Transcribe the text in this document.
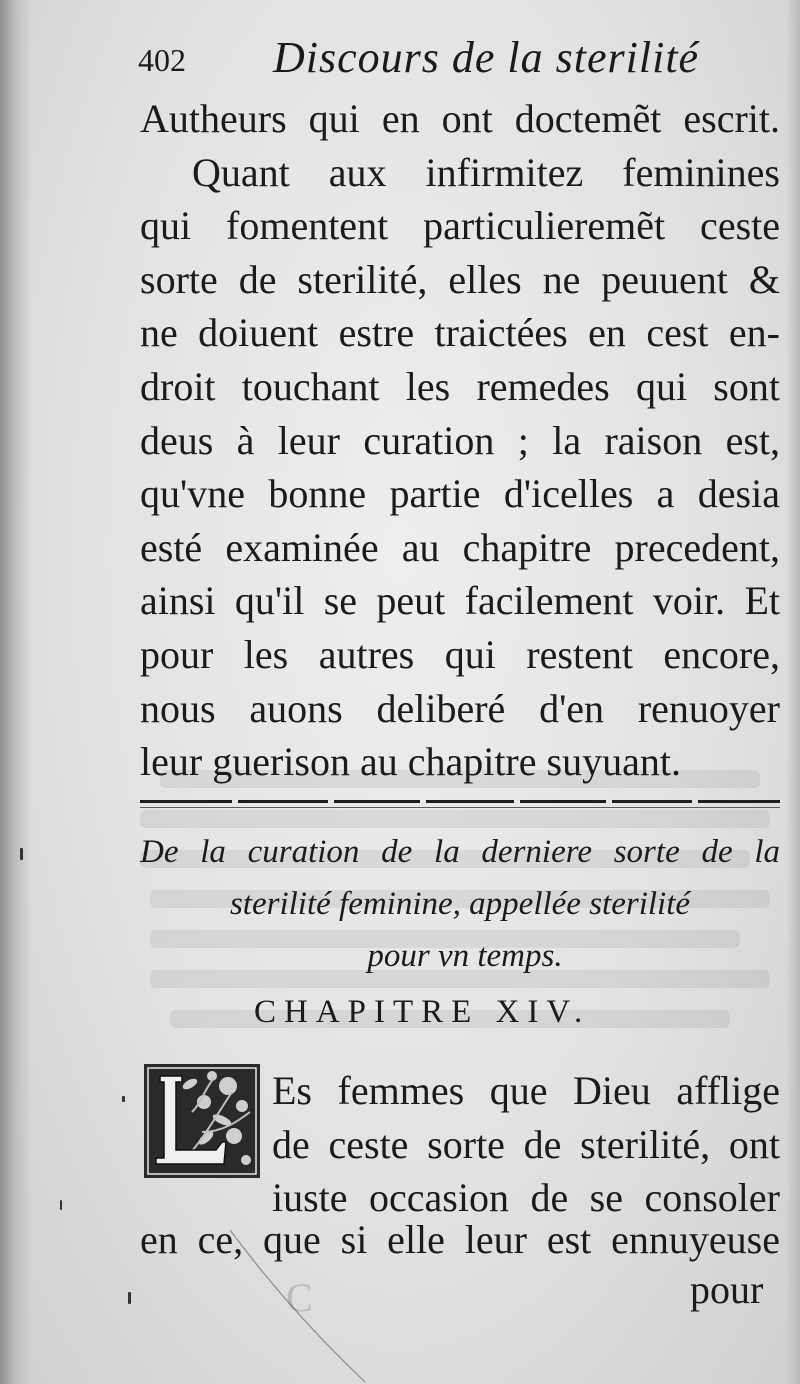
402 Discours de la sterilité
Autheurs qui en ont doctemẽt escrit.
Quant aux infirmitez feminines
qui fomentent particulieremẽt ceste
sorte de sterilité, elles ne peuuent &
ne doiuent estre traictées en cest en-
droit touchant les remedes qui sont
deus à leur curation ; la raison est,
qu'vne bonne partie d'icelles a desia
esté examinée au chapitre precedent,
ainsi qu'il se peut facilement voir. Et
pour les autres qui restent encore,
nous auons deliberé d'en renuoyer
leur guerison au chapitre suyuant.
De la curation de la derniere sorte de la
sterilité feminine, appellée sterilité
pour vn temps.
CHAPITRE XIV.
L
Es femmes que Dieu afflige
de ceste sorte de sterilité, ont
iuste occasion de se consoler
en ce, que si elle leur est ennuyeuse
C	pour
